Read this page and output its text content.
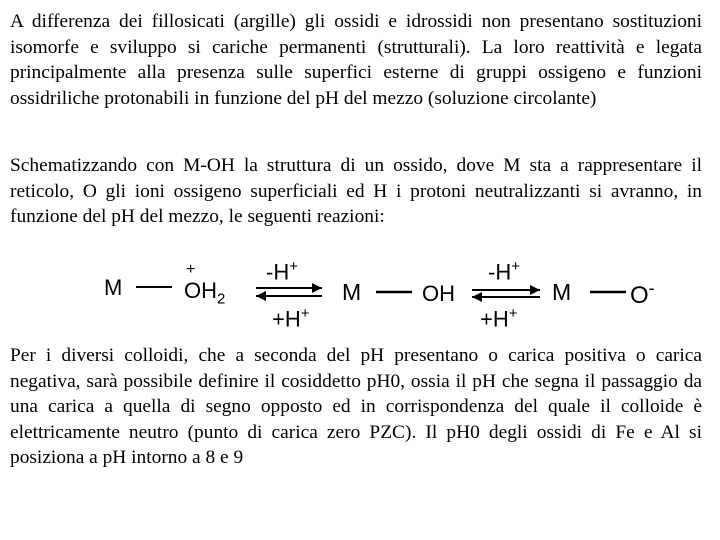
A differenza dei fillosicati (argille) gli ossidi e idrossidi non presentano sostituzioni isomorfe e sviluppo si cariche permanenti (strutturali). La loro reattività e legata principalmente alla presenza sulle superfici esterne di gruppi ossigeno e funzioni ossidriliche protonabili in funzione del pH del mezzo (soluzione circolante)

Schematizzando con M-OH la struttura di un ossido, dove M sta a rappresentare il reticolo, O gli ioni ossigeno superficiali ed H i protoni neutralizzanti si avranno, in funzione del pH del mezzo, le seguenti reazioni:

M
+
$OH_2$
-H+
+H+
M	OH
-H+
+H+
M O-

Per i diversi colloidi, che a seconda del pH presentano o carica positiva o carica negativa, sarà possibile definire il cosiddetto pH0, ossia il pH che segna il passaggio da una carica a quella di segno opposto ed in corrispondenza del quale il colloide è elettricamente neutro (punto di carica zero PZC). Il pH0 degli ossidi di Fe e Al si posiziona a pH intorno a 8 e 9
